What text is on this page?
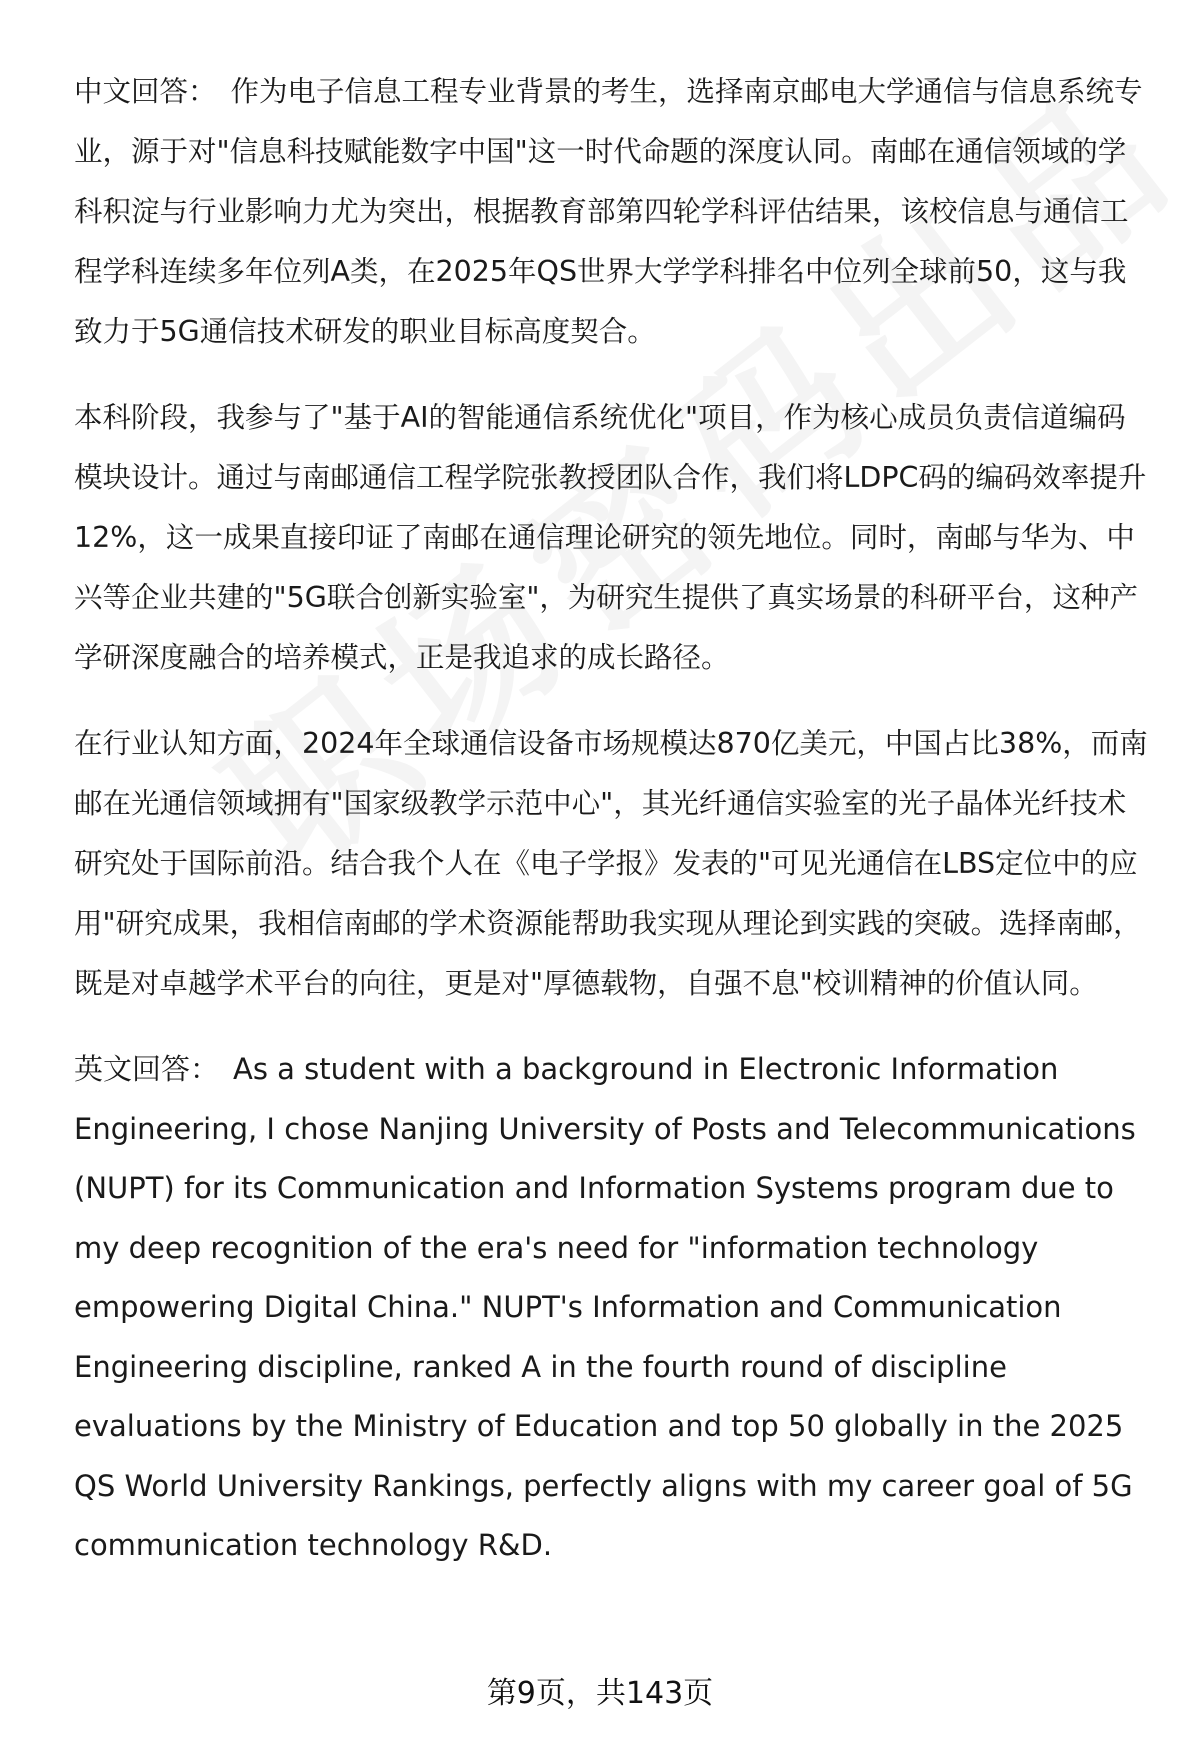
中文回答： 作为电子信息工程专业背景的考生，选择南京邮电大学通信与信息系统专业，源于对"信息科技赋能数字中国"这一时代命题的深度认同。南邮在通信领域的学科积淀与行业影响力尤为突出，根据教育部第四轮学科评估结果，该校信息与通信工程学科连续多年位列A类，在2025年QS世界大学学科排名中位列全球前50，这与我致力于5G通信技术研发的职业目标高度契合。

本科阶段，我参与了"基于AI的智能通信系统优化"项目，作为核心成员负责信道编码模块设计。通过与南邮通信工程学院张教授团队合作，我们将LDPC码的编码效率提升12%，这一成果直接印证了南邮在通信理论研究的领先地位。同时，南邮与华为、中兴等企业共建的"5G联合创新实验室"，为研究生提供了真实场景的科研平台，这种产学研深度融合的培养模式，正是我追求的成长路径。

在行业认知方面，2024年全球通信设备市场规模达870亿美元，中国占比38%，而南邮在光通信领域拥有"国家级教学示范中心"，其光纤通信实验室的光子晶体光纤技术研究处于国际前沿。结合我个人在《电子学报》发表的"可见光通信在LBS定位中的应用"研究成果，我相信南邮的学术资源能帮助我实现从理论到实践的突破。选择南邮，既是对卓越学术平台的向往，更是对"厚德载物，自强不息"校训精神的价值认同。

英文回答： As a student with a background in Electronic Information Engineering, I chose Nanjing University of Posts and Telecommunications (NUPT) for its Communication and Information Systems program due to my deep recognition of the era's need for "information technology empowering Digital China." NUPT's Information and Communication Engineering discipline, ranked A in the fourth round of discipline evaluations by the Ministry of Education and top 50 globally in the 2025 QS World University Rankings, perfectly aligns with my career goal of 5G communication technology R&D.

第9页，共143页
